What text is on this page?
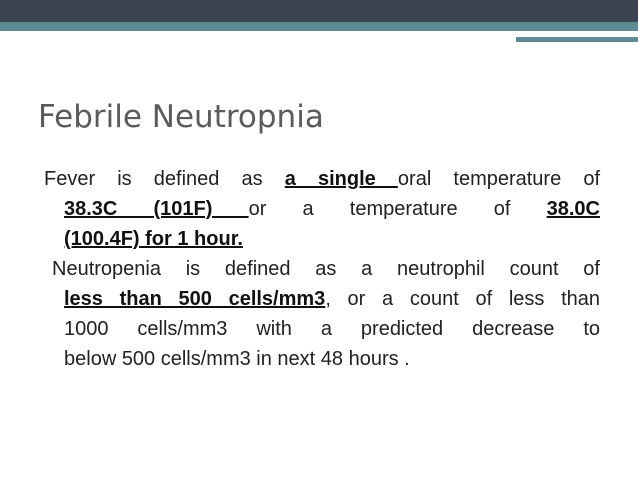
Febrile Neutropnia
Fever is defined as a single oral temperature of
38.3C (101F) or a temperature of 38.0C
(100.4F) for 1 hour.
Neutropenia is defined as a neutrophil count of
less than 500 cells/mm3, or a count of less than
1000 cells/mm3 with a predicted decrease to
below 500 cells/mm3 in next 48 hours .
